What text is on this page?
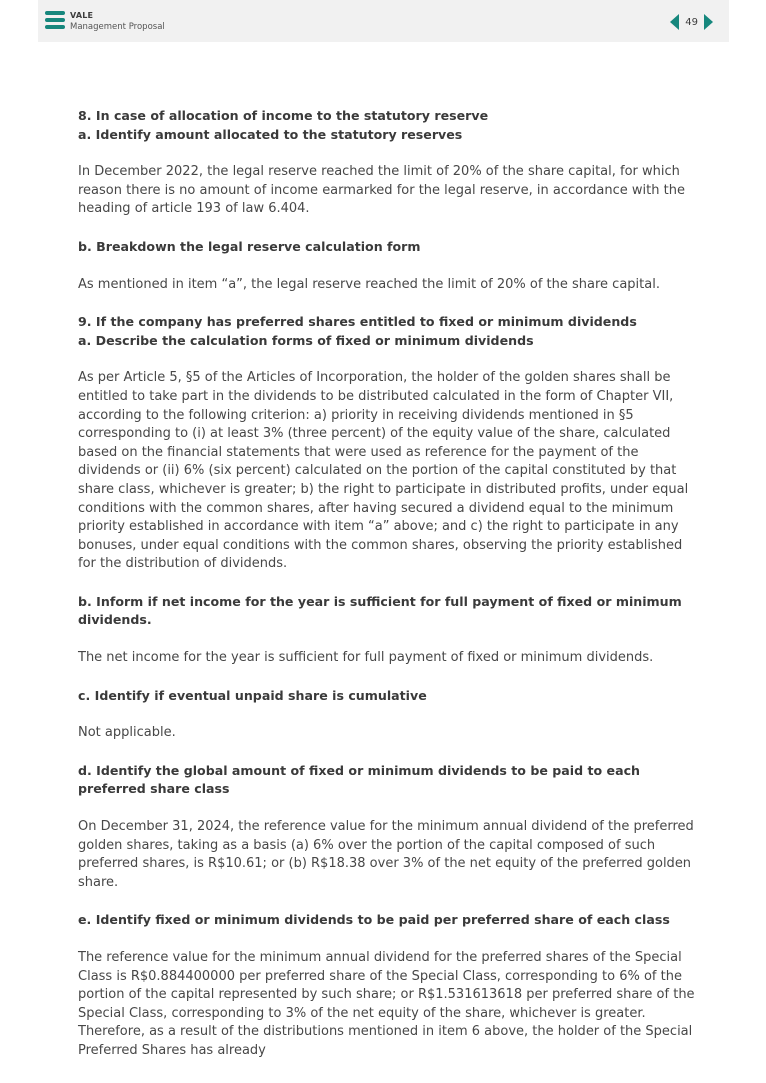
VALE
Management Proposal	49

8. In case of allocation of income to the statutory reserve

a. Identify amount allocated to the statutory reserves

In December 2022, the legal reserve reached the limit of 20% of the share capital, for which reason there is no amount of income earmarked for the legal reserve, in accordance with the heading of article 193 of law 6.404.

b. Breakdown the legal reserve calculation form

As mentioned in item “a”, the legal reserve reached the limit of 20% of the share capital.

9. If the company has preferred shares entitled to fixed or minimum dividends

a. Describe the calculation forms of fixed or minimum dividends

As per Article 5, §5 of the Articles of Incorporation, the holder of the golden shares shall be entitled to take part in the dividends to be distributed calculated in the form of Chapter VII, according to the following criterion: a) priority in receiving dividends mentioned in §5 corresponding to (i) at least 3% (three percent) of the equity value of the share, calculated based on the financial statements that were used as reference for the payment of the dividends or (ii) 6% (six percent) calculated on the portion of the capital constituted by that share class, whichever is greater; b) the right to participate in distributed profits, under equal conditions with the common shares, after having secured a dividend equal to the minimum priority established in accordance with item “a” above; and c) the right to participate in any bonuses, under equal conditions with the common shares, observing the priority established for the distribution of dividends.

b. Inform if net income for the year is sufficient for full payment of fixed or minimum dividends.

The net income for the year is sufficient for full payment of fixed or minimum dividends.

c. Identify if eventual unpaid share is cumulative

Not applicable.

d. Identify the global amount of fixed or minimum dividends to be paid to each preferred share class

On December 31, 2024, the reference value for the minimum annual dividend of the preferred golden shares, taking as a basis (a) 6% over the portion of the capital composed of such preferred shares, is R$10.61; or (b) R$18.38 over 3% of the net equity of the preferred golden share.

e. Identify fixed or minimum dividends to be paid per preferred share of each class

The reference value for the minimum annual dividend for the preferred shares of the Special Class is R$0.884400000 per preferred share of the Special Class, corresponding to 6% of the portion of the capital represented by such share; or R$1.531613618 per preferred share of the Special Class, corresponding to 3% of the net equity of the share, whichever is greater. Therefore, as a result of the distributions mentioned in item 6 above, the holder of the Special Preferred Shares has already
